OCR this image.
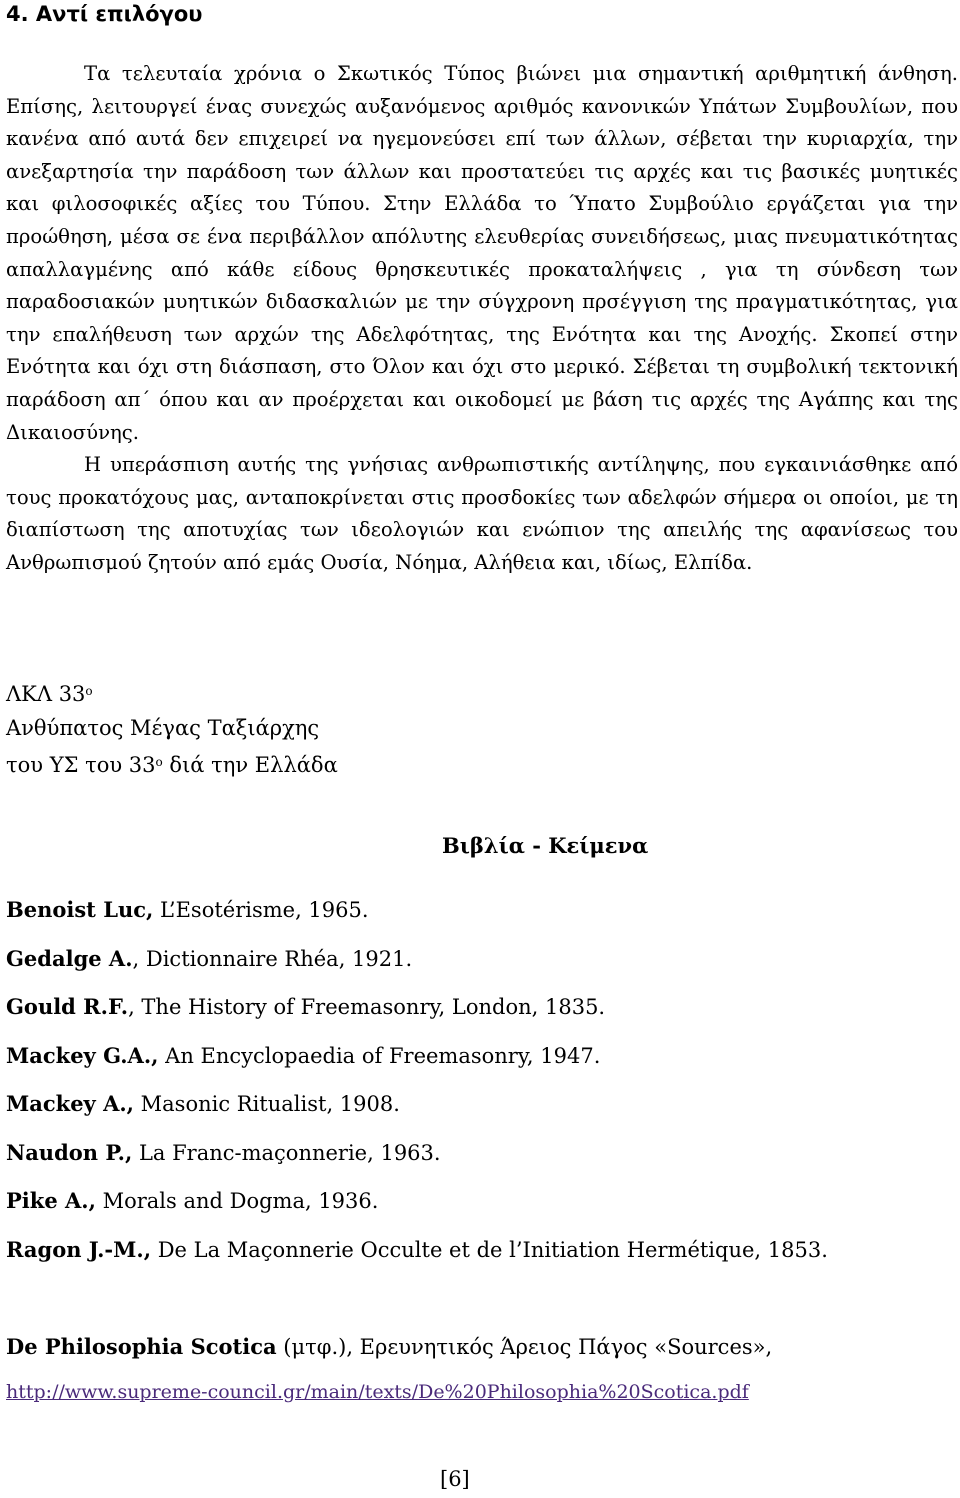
4. Αντί επιλόγου

Τα τελευταία χρόνια ο Σκωτικός Τύπος βιώνει μια σημαντική αριθμητική άνθηση. Επίσης, λειτουργεί ένας συνεχώς αυξανόμενος αριθμός κανονικών Υπάτων Συμβουλίων, που κανένα από αυτά δεν επιχειρεί να ηγεμονεύσει επί των άλλων, σέβεται την κυριαρχία, την ανεξαρτησία την παράδοση των άλλων και προστατεύει τις αρχές και τις βασικές μυητικές και φιλοσοφικές αξίες του Τύπου. Στην Ελλάδα το Ύπατο Συμβούλιο εργάζεται για την προώθηση, μέσα σε ένα περιβάλλον απόλυτης ελευθερίας συνειδήσεως, μιας πνευματικότητας απαλλαγμένης από κάθε είδους θρησκευτικές προκαταλήψεις , για τη σύνδεση των παραδοσιακών μυητικών διδασκαλιών με την σύγχρονη πρσέγγιση της πραγματικότητας, για την επαλήθευση των αρχών της Αδελφότητας, της Ενότητα και της Ανοχής. Σκοπεί στην Ενότητα και όχι στη διάσπαση, στο Όλον και όχι στο μερικό. Σέβεται τη συμβολική τεκτονική παράδοση απ΄ όπου και αν προέρχεται και οικοδομεί με βάση τις αρχές της Αγάπης και της Δικαιοσύνης.

Η υπεράσπιση αυτής της γνήσιας ανθρωπιστικής αντίληψης, που εγκαινιάσθηκε από τους προκατόχους μας, ανταποκρίνεται στις προσδοκίες των αδελφών σήμερα οι οποίοι, με τη διαπίστωση της αποτυχίας των ιδεολογιών και ενώπιον της απειλής της αφανίσεως του Ανθρωπισμού ζητούν από εμάς Ουσία, Νόημα, Αλήθεια και, ιδίως, Ελπίδα.

ΛΚΛ $33^o$
Ανθύπατος Μέγας Ταξιάρχης
του ΥΣ του $33^o$ διά την Ελλάδα
Βιβλία - Κείμενα
Benoist Luc, L’Esotérisme, 1965.
Gedalge A., Dictionnaire Rhéa, 1921.
Gould R.F., The History of Freemasonry, London, 1835.
Mackey G.A., An Encyclopaedia of Freemasonry, 1947.
Mackey A., Masonic Ritualist, 1908.
Naudon P., La Franc-maçonnerie, 1963.
Pike A., Morals and Dogma, 1936.
Ragon J.-M., De La Maçonnerie Occulte et de l’Initiation Hermétique, 1853.
De Philosophia Scotica (μτφ.), Ερευνητικός Άρειος Πάγος «Sources»,
http://www.supreme-council.gr/main/texts/De%20Philosophia%20Scotica.pdf
[6]
